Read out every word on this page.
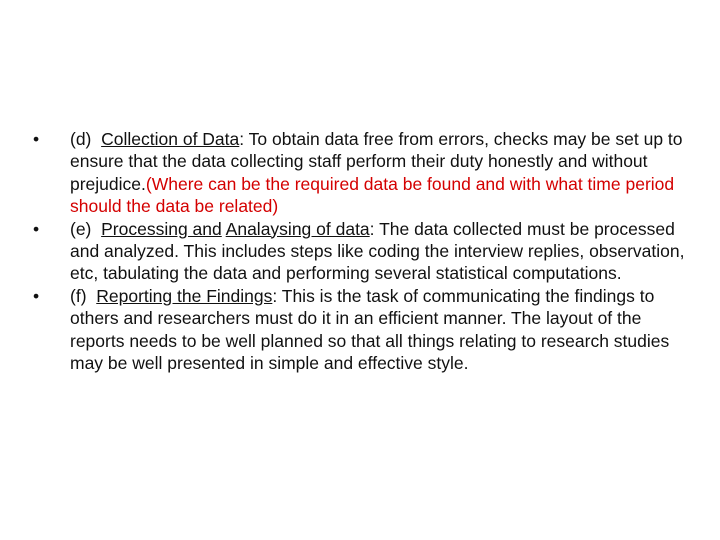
• (d) Collection of Data: To obtain data free from errors, checks may be set up to ensure that the data collecting staff perform their duty honestly and without prejudice.(Where can be the required data be found and with what time period should the data be related)
• (e) Processing and Analaysing of data: The data collected must be processed and analyzed. This includes steps like coding the interview replies, observation, etc, tabulating the data and performing several statistical computations.
• (f) Reporting the Findings: This is the task of communicating the findings to others and researchers must do it in an efficient manner. The layout of the reports needs to be well planned so that all things relating to research studies may be well presented in simple and effective style.
